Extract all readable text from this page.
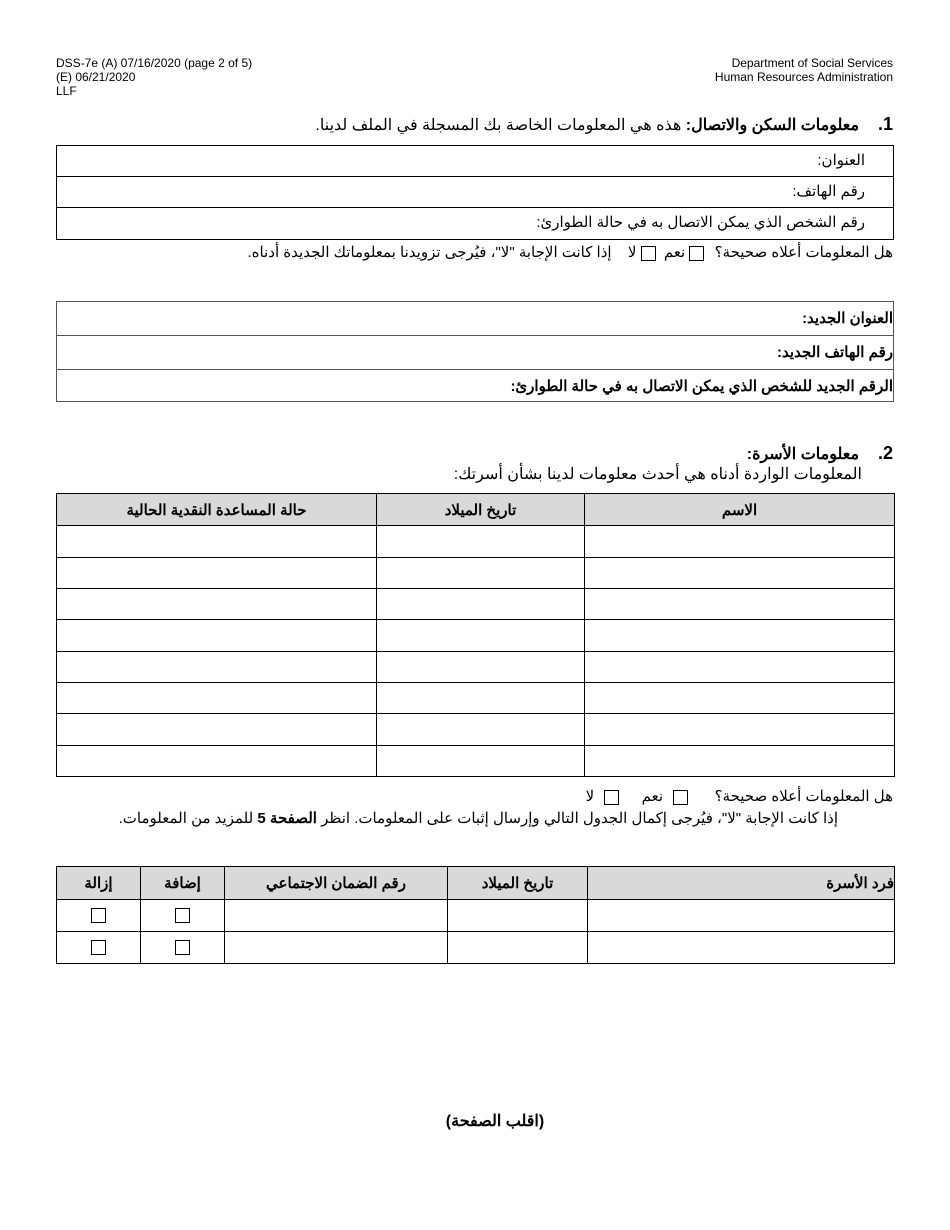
DSS-7e (A) 07/16/2020 (page 2 of 5)
(E) 06/21/2020
LLF
Department of Social Services
Human Resources Administration
1.  معلومات السكن والاتصال: هذه هي المعلومات الخاصة بك المسجلة في الملف لدينا.
العنوان:
رقم الهاتف:
رقم الشخص الذي يمكن الاتصال به في حالة الطوارئ:
هل المعلومات أعلاه صحيحة؟  نعم  لا  إذا كانت الإجابة "لا"، فيُرجى تزويدنا بمعلوماتك الجديدة أدناه.
العنوان الجديد:
رقم الهاتف الجديد:
الرقم الجديد للشخص الذي يمكن الاتصال به في حالة الطوارئ:
2.  معلومات الأسرة:
المعلومات الواردة أدناه هي أحدث معلومات لدينا بشأن أسرتك:
الاسم	تاريخ الميلاد	حالة المساعدة النقدية الحالية

هل المعلومات أعلاه صحيحة؟   نعم   لا
إذا كانت الإجابة "لا"، فيُرجى إكمال الجدول التالي وإرسال إثبات على المعلومات. انظر الصفحة 5 للمزيد من المعلومات.
فرد الأسرة	تاريخ الميلاد	رقم الضمان الاجتماعي	إضافة	إزالة

(اقلب الصفحة)
